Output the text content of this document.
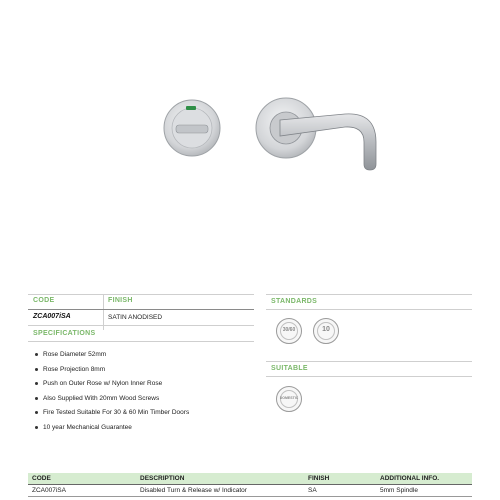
CODE	FINISH
ZCA007iSA	SATIN ANODISED
SPECIFICATIONS
Rose Diameter 52mm
Rose Projection 8mm
Push on Outer Rose w/ Nylon Inner Rose
Also Supplied With 20mm Wood Screws
Fire Tested Suitable For 30 & 60 Min Timber Doors
10 year Mechanical Guarantee
STANDARDS
30/60	10
SUITABLE
DOMESTIC
CODE	DESCRIPTION	FINISH	ADDITIONAL INFO.
ZCA007iSA	Disabled Turn & Release w/ Indicator	SA	5mm Spindle
